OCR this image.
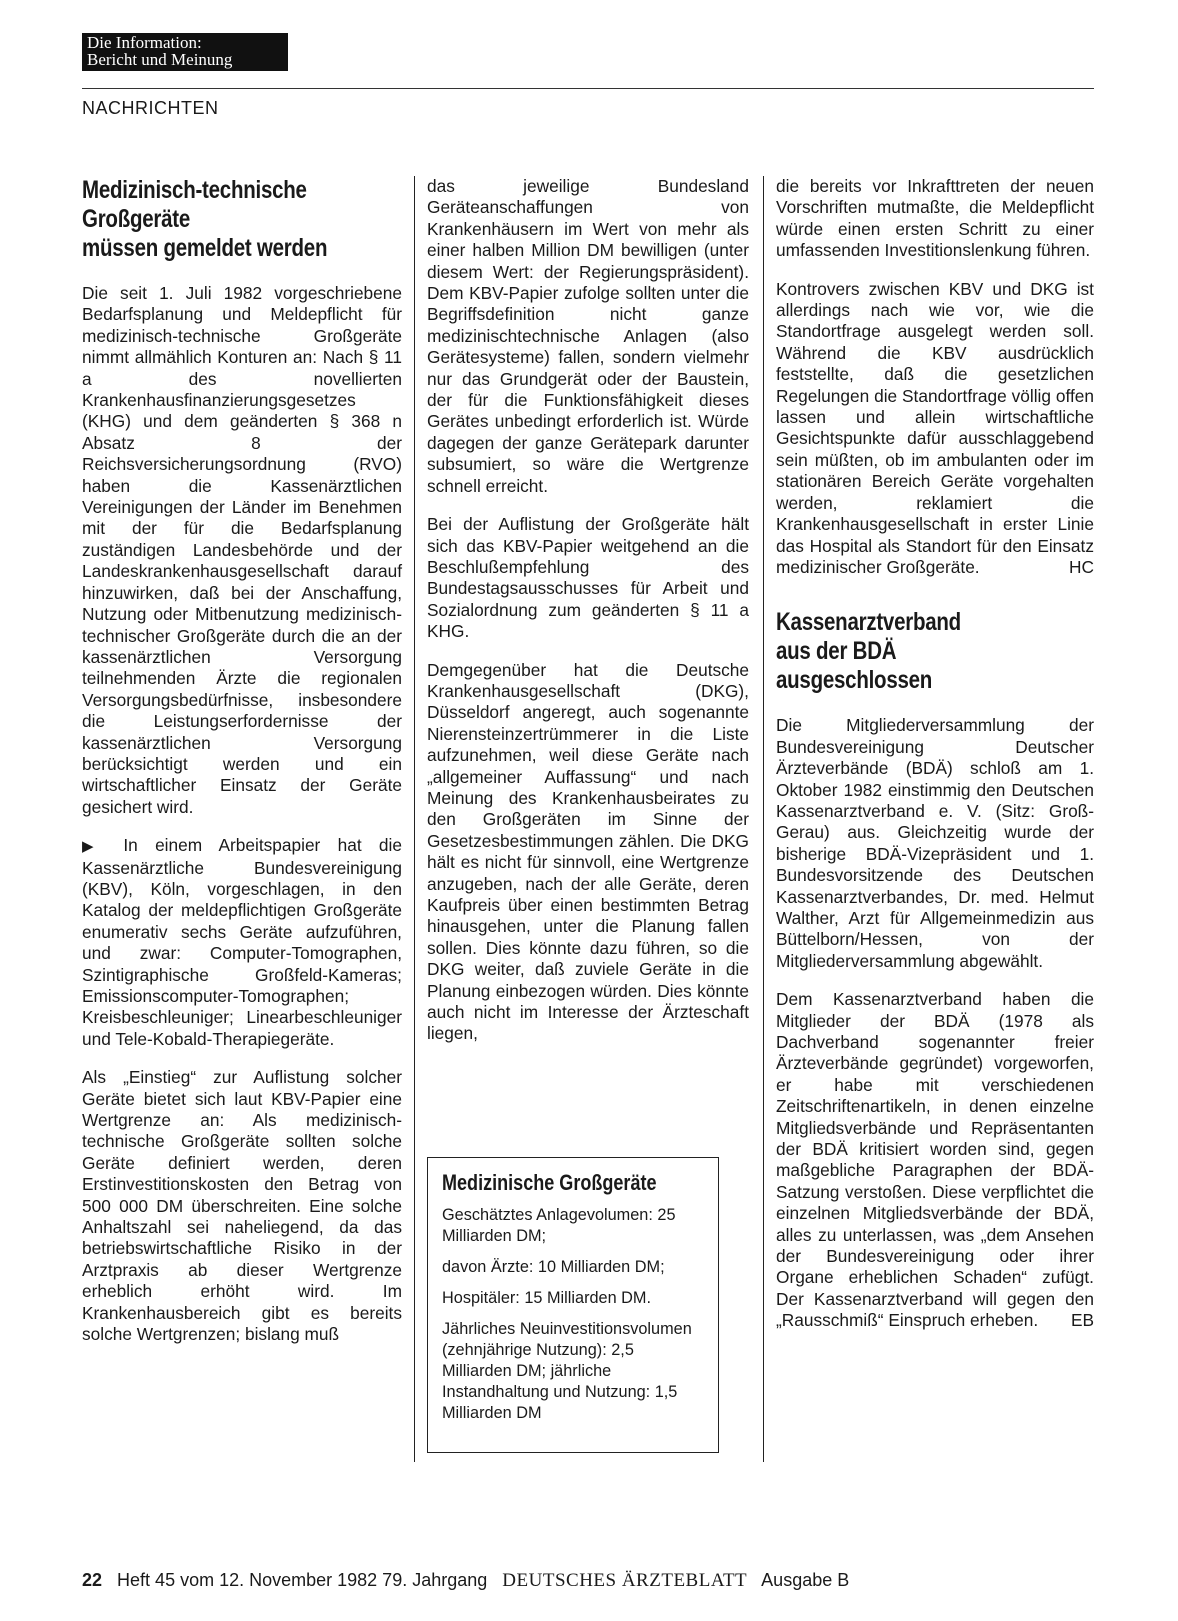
Die Information:
Bericht und Meinung
NACHRICHTEN
Medizinisch-technische
Großgeräte
müssen gemeldet werden

Die seit 1. Juli 1982 vorgeschriebene Bedarfsplanung und Meldepflicht für medizinisch-technische Großgeräte nimmt allmählich Konturen an: Nach § 11 a des novellierten Krankenhausfinanzierungsgesetzes (KHG) und dem geänderten § 368 n Absatz 8 der Reichsversicherungsordnung (RVO) haben die Kassenärztlichen Vereinigungen der Länder im Benehmen mit der für die Bedarfsplanung zuständigen Landesbehörde und der Landeskrankenhausgesellschaft darauf hinzuwirken, daß bei der Anschaffung, Nutzung oder Mitbenutzung medizinisch-technischer Großgeräte durch die an der kassenärztlichen Versorgung teilnehmenden Ärzte die regionalen Versorgungsbedürfnisse, insbesondere die Leistungserfordernisse der kassenärztlichen Versorgung berücksichtigt werden und ein wirtschaftlicher Einsatz der Geräte gesichert wird.

▶ In einem Arbeitspapier hat die Kassenärztliche Bundesvereinigung (KBV), Köln, vorgeschlagen, in den Katalog der meldepflichtigen Großgeräte enumerativ sechs Geräte aufzuführen, und zwar: Computer-Tomographen, Szintigraphische Großfeld-Kameras; Emissionscomputer-Tomographen; Kreisbeschleuniger; Linearbeschleuniger und Tele-Kobald-Therapiegeräte.

Als „Einstieg“ zur Auflistung solcher Geräte bietet sich laut KBV-Papier eine Wertgrenze an: Als medizinisch-technische Großgeräte sollten solche Geräte definiert werden, deren Erstinvestitionskosten den Betrag von 500 000 DM überschreiten. Eine solche Anhaltszahl sei naheliegend, da das betriebswirtschaftliche Risiko in der Arztpraxis ab dieser Wertgrenze erheblich erhöht wird. Im Krankenhausbereich gibt es bereits solche Wertgrenzen; bislang muß

das jeweilige Bundesland Geräteanschaffungen von Krankenhäusern im Wert von mehr als einer halben Million DM bewilligen (unter diesem Wert: der Regierungspräsident). Dem KBV-Papier zufolge sollten unter die Begriffsdefinition nicht ganze medizinischtechnische Anlagen (also Gerätesysteme) fallen, sondern vielmehr nur das Grundgerät oder der Baustein, der für die Funktionsfähigkeit dieses Gerätes unbedingt erforderlich ist. Würde dagegen der ganze Gerätepark darunter subsumiert, so wäre die Wertgrenze schnell erreicht.

Bei der Auflistung der Großgeräte hält sich das KBV-Papier weitgehend an die Beschlußempfehlung des Bundestagsausschusses für Arbeit und Sozialordnung zum geänderten § 11 a KHG.

Demgegenüber hat die Deutsche Krankenhausgesellschaft (DKG), Düsseldorf angeregt, auch sogenannte Nierensteinzertrümmerer in die Liste aufzunehmen, weil diese Geräte nach „allgemeiner Auffassung“ und nach Meinung des Krankenhausbeirates zu den Großgeräten im Sinne der Gesetzesbestimmungen zählen. Die DKG hält es nicht für sinnvoll, eine Wertgrenze anzugeben, nach der alle Geräte, deren Kaufpreis über einen bestimmten Betrag hinausgehen, unter die Planung fallen sollen. Dies könnte dazu führen, so die DKG weiter, daß zuviele Geräte in die Planung einbezogen würden. Dies könnte auch nicht im Interesse der Ärzteschaft liegen,

Medizinische Großgeräte

Geschätztes Anlagevolumen: 25 Milliarden DM;

davon Ärzte: 10 Milliarden DM;

Hospitäler: 15 Milliarden DM.

Jährliches Neuinvestitionsvolumen (zehnjährige Nutzung): 2,5 Milliarden DM; jährliche Instandhaltung und Nutzung: 1,5 Milliarden DM

die bereits vor Inkrafttreten der neuen Vorschriften mutmaßte, die Meldepflicht würde einen ersten Schritt zu einer umfassenden Investitionslenkung führen.

Kontrovers zwischen KBV und DKG ist allerdings nach wie vor, wie die Standortfrage ausgelegt werden soll. Während die KBV ausdrücklich feststellte, daß die gesetzlichen Regelungen die Standortfrage völlig offen lassen und allein wirtschaftliche Gesichtspunkte dafür ausschlaggebend sein müßten, ob im ambulanten oder im stationären Bereich Geräte vorgehalten werden, reklamiert die Krankenhausgesellschaft in erster Linie das Hospital als Standort für den Einsatz medizinischer Großgeräte.	HC

Kassenarztverband
aus der BDÄ
ausgeschlossen

Die Mitgliederversammlung der Bundesvereinigung Deutscher Ärzteverbände (BDÄ) schloß am 1. Oktober 1982 einstimmig den Deutschen Kassenarztverband e. V. (Sitz: Groß-Gerau) aus. Gleichzeitig wurde der bisherige BDÄ-Vizepräsident und 1. Bundesvorsitzende des Deutschen Kassenarztverbandes, Dr. med. Helmut Walther, Arzt für Allgemeinmedizin aus Büttelborn/Hessen, von der Mitgliederversammlung abgewählt.

Dem Kassenarztverband haben die Mitglieder der BDÄ (1978 als Dachverband sogenannter freier Ärzteverbände gegründet) vorgeworfen, er habe mit verschiedenen Zeitschriftenartikeln, in denen einzelne Mitgliedsverbände und Repräsentanten der BDÄ kritisiert worden sind, gegen maßgebliche Paragraphen der BDÄ-Satzung verstoßen. Diese verpflichtet die einzelnen Mitgliedsverbände der BDÄ, alles zu unterlassen, was „dem Ansehen der Bundesvereinigung oder ihrer Organe erheblichen Schaden“ zufügt. Der Kassenarztverband will gegen den „Rausschmiß“ Einspruch erheben. EB

22 Heft 45 vom 12. November 1982 79. Jahrgang DEUTSCHES ÄRZTEBLATT Ausgabe B
